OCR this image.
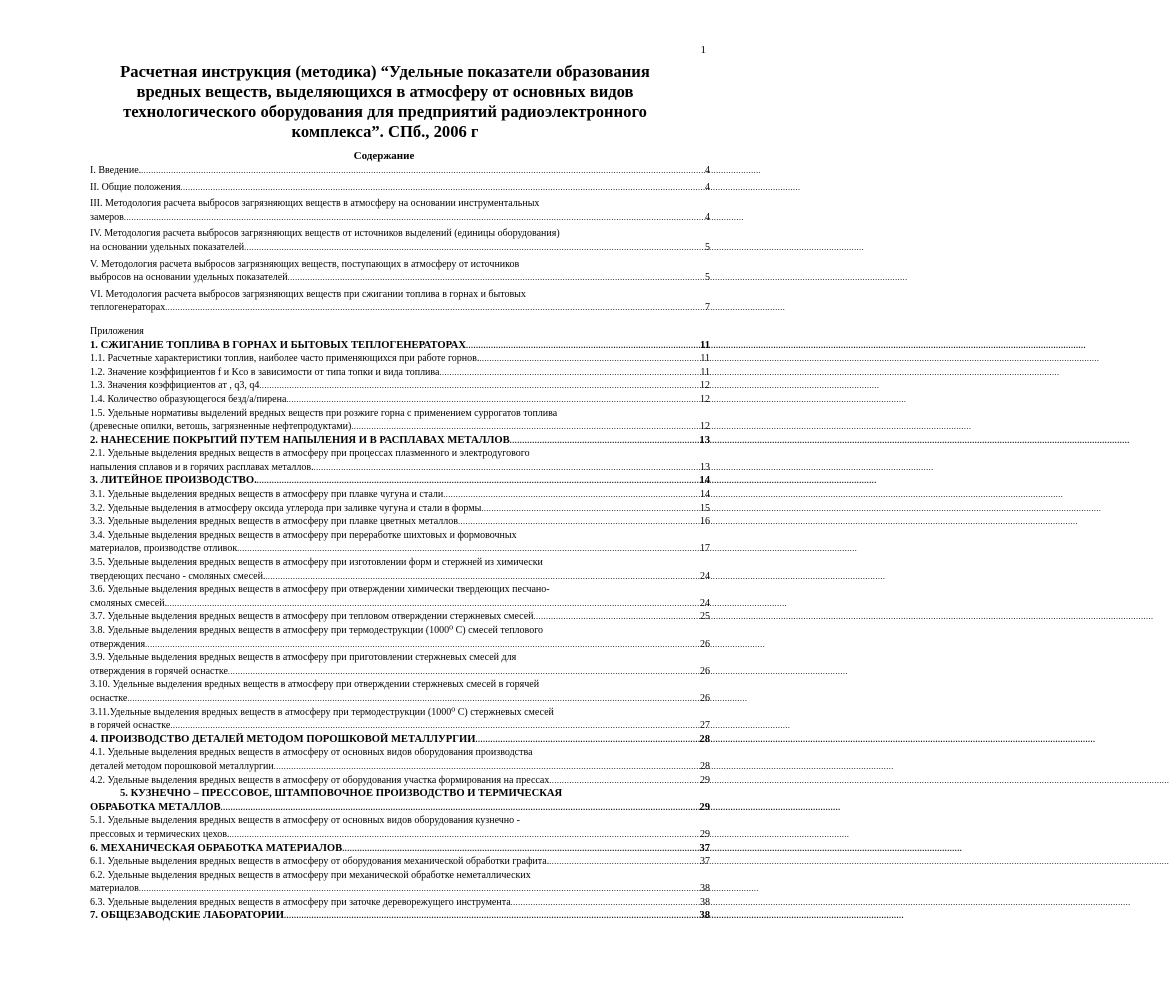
1
Расчетная инструкция (методика) “Удельные показатели образования вредных веществ, выделяющихся в атмосферу от основных видов технологического оборудования для предприятий радиоэлектронного комплекса”. СПб., 2006 г
Содержание
I. Введение. .....	4
II. Общие положения .....	4
III. Методология расчета выбросов загрязняющих веществ в атмосферу на основании инструментальных
замеров .....	4
IV. Методология расчета выбросов загрязняющих веществ от источников выделений (единицы оборудования)
на основании удельных показателей .....	5
V. Методология расчета выбросов загрязняющих веществ, поступающих в атмосферу от источников
выбросов на основании удельных показателей .....	5
VI. Методология расчета выбросов загрязняющих веществ при сжигании топлива в горнах и бытовых
теплогенераторах .....	7
Приложения
1. СЖИГАНИЕ ТОПЛИВА В ГОРНАХ И БЫТОВЫХ ТЕПЛОГЕНЕРАТОРАХ .....	11
1.1. Расчетные характеристики топлив, наиболее часто применяющихся при работе горнов. .....	11
1.2. Значение коэффициентов f и Kco в зависимости от типа топки и вида топлива .....	11
1.3. Значения коэффициентов aт , q3, q4 .....	12
1.4. Количество образующегося безд/а/пирена .....	12
1.5. Удельные нормативы выделений вредных веществ при розжиге горна с применением суррогатов топлива
(древесные опилки, ветошь, загрязненные нефтепродуктами) .....	12
2. НАНЕСЕНИЕ ПОКРЫТИЙ ПУТЕМ НАПЫЛЕНИЯ И В РАСПЛАВАХ МЕТАЛЛОВ .....	13
2.1. Удельные выделения вредных веществ в атмосферу при процессах плазменного и электродугового
напыления сплавов и в горячих расплавах металлов. .....	13
3. ЛИТЕЙНОЕ ПРОИЗВОДСТВО. .....	14
3.1. Удельные выделения вредных веществ в атмосферу при плавке чугуна и стали .....	14
3.2. Удельные выделения в атмосферу оксида углерода при заливке чугуна и стали в формы .....	15
3.3. Удельные выделения вредных веществ в атмосферу при плавке цветных металлов .....	16
3.4. Удельные выделения вредных веществ в атмосферу при переработке шихтовых и формовочных
материалов, производстве отливок .....	17
3.5. Удельные выделения вредных веществ в атмосферу при изготовлении форм и стержней из химически
твердеющих песчано - смоляных смесей. .....	24
3.6. Удельные выделения вредных веществ в атмосферу при отверждении химически твердеющих песчано-
смоляных смесей. .....	24
3.7. Удельные выделения вредных веществ в атмосферу при тепловом отверждении стержневых смесей .....	25
3.8. Удельные выделения вредных веществ в атмосферу при термодеструкции (1000⁰ С) смесей теплового
отверждения .....	26
3.9. Удельные выделения вредных веществ в атмосферу при приготовлении стержневых смесей для
отверждения в горячей оснастке .....	26
3.10. Удельные выделения вредных веществ в атмосферу при отверждении стержневых смесей в горячей
оснастке .....	26
3.11.Удельные выделения вредных веществ в атмосферу при термодеструкции (1000⁰ С) стержневых смесей
в горячей оснастке .....	27
4. ПРОИЗВОДСТВО ДЕТАЛЕЙ МЕТОДОМ ПОРОШКОВОЙ МЕТАЛЛУРГИИ .....	28
4.1. Удельные выделения вредных веществ в атмосферу от основных видов оборудования производства
деталей методом порошковой металлургии .....	28
4.2. Удельные выделения вредных веществ в атмосферу от оборудования участка формирования на прессах .....	29
5. КУЗНЕЧНО – ПРЕССОВОЕ, ШТАМПОВОЧНОЕ ПРОИЗВОДСТВО И ТЕРМИЧЕСКАЯ
ОБРАБОТКА МЕТАЛЛОВ .....	29
5.1. Удельные выделения вредных веществ в атмосферу от основных видов оборудования кузнечно -
прессовых и термических цехов. .....	29
6. МЕХАНИЧЕСКАЯ ОБРАБОТКА МАТЕРИАЛОВ .....	37
6.1. Удельные выделения вредных веществ в атмосферу от оборудования механической обработки графита. .....	37
6.2. Удельные выделения вредных веществ в атмосферу при механической обработке неметаллических
материалов .....	38
6.3. Удельные выделения вредных веществ в атмосферу при заточке дереворежущего инструмента .....	38
7. ОБЩЕЗАВОДСКИЕ ЛАБОРАТОРИИ .....	38
